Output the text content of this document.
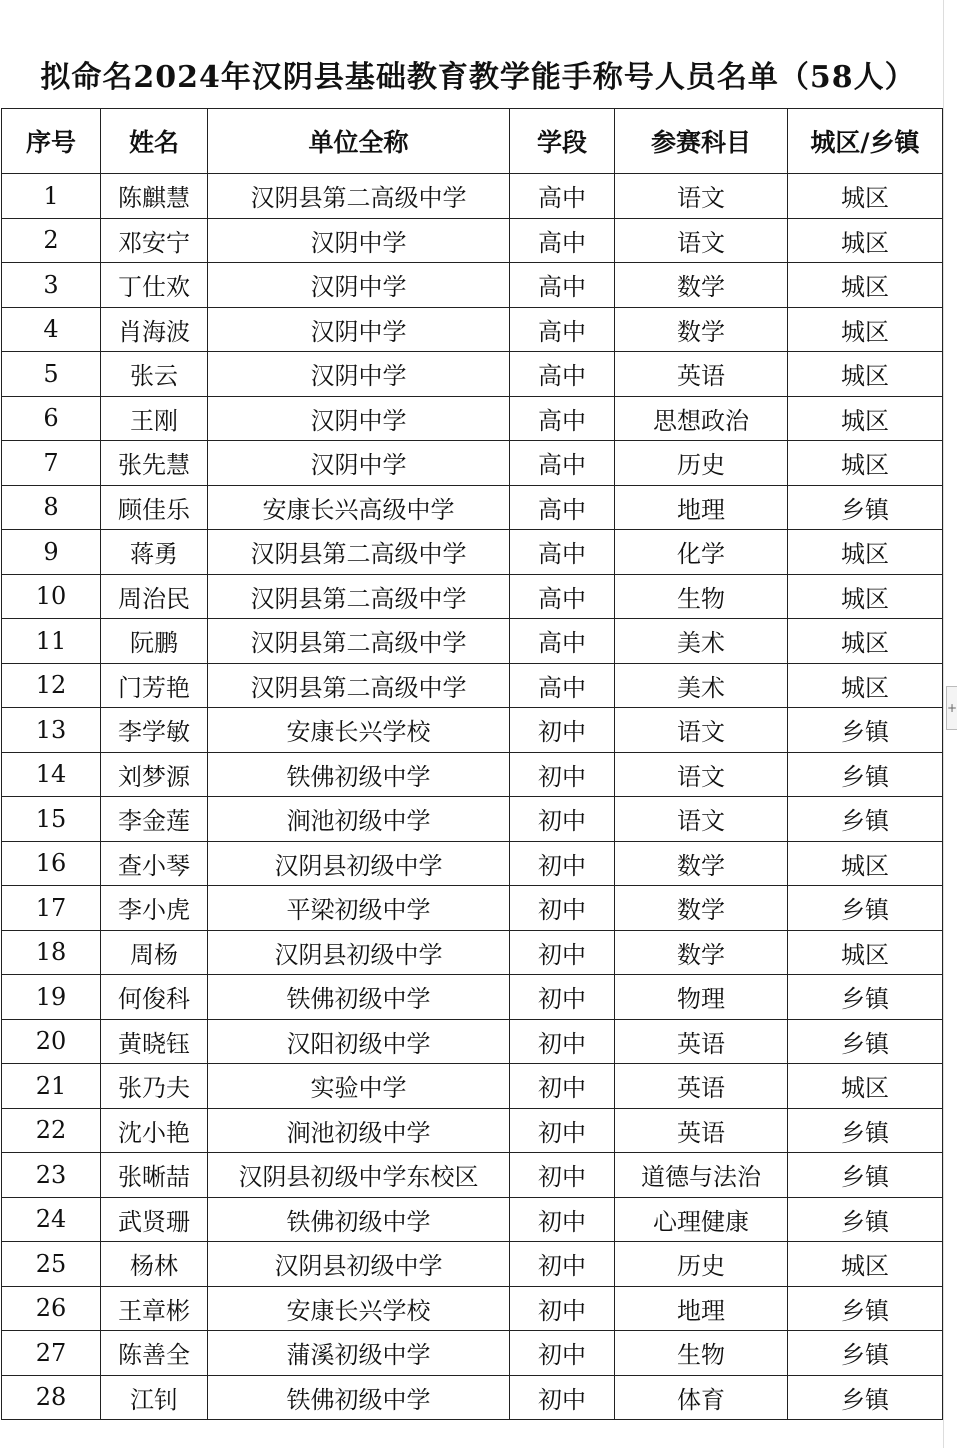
拟命名2024年汉阴县基础教育教学能手称号人员名单（58人）
序号	姓名	单位全称	学段	参赛科目	城区/乡镇
1	陈麒慧	汉阴县第二高级中学	高中	语文	城区
2	邓安宁	汉阴中学	高中	语文	城区
3	丁仕欢	汉阴中学	高中	数学	城区
4	肖海波	汉阴中学	高中	数学	城区
5	张云	汉阴中学	高中	英语	城区
6	王刚	汉阴中学	高中	思想政治	城区
7	张先慧	汉阴中学	高中	历史	城区
8	顾佳乐	安康长兴高级中学	高中	地理	乡镇
9	蒋勇	汉阴县第二高级中学	高中	化学	城区
10	周治民	汉阴县第二高级中学	高中	生物	城区
11	阮鹏	汉阴县第二高级中学	高中	美术	城区
12	门芳艳	汉阴县第二高级中学	高中	美术	城区
13	李学敏	安康长兴学校	初中	语文	乡镇
14	刘梦源	铁佛初级中学	初中	语文	乡镇
15	李金莲	涧池初级中学	初中	语文	乡镇
16	查小琴	汉阴县初级中学	初中	数学	城区
17	李小虎	平梁初级中学	初中	数学	乡镇
18	周杨	汉阴县初级中学	初中	数学	城区
19	何俊科	铁佛初级中学	初中	物理	乡镇
20	黄晓钰	汉阳初级中学	初中	英语	乡镇
21	张乃夫	实验中学	初中	英语	城区
22	沈小艳	涧池初级中学	初中	英语	乡镇
23	张晰喆	汉阴县初级中学东校区	初中	道德与法治	乡镇
24	武贤珊	铁佛初级中学	初中	心理健康	乡镇
25	杨林	汉阴县初级中学	初中	历史	城区
26	王章彬	安康长兴学校	初中	地理	乡镇
27	陈善全	蒲溪初级中学	初中	生物	乡镇
28	江钊	铁佛初级中学	初中	体育	乡镇
+
